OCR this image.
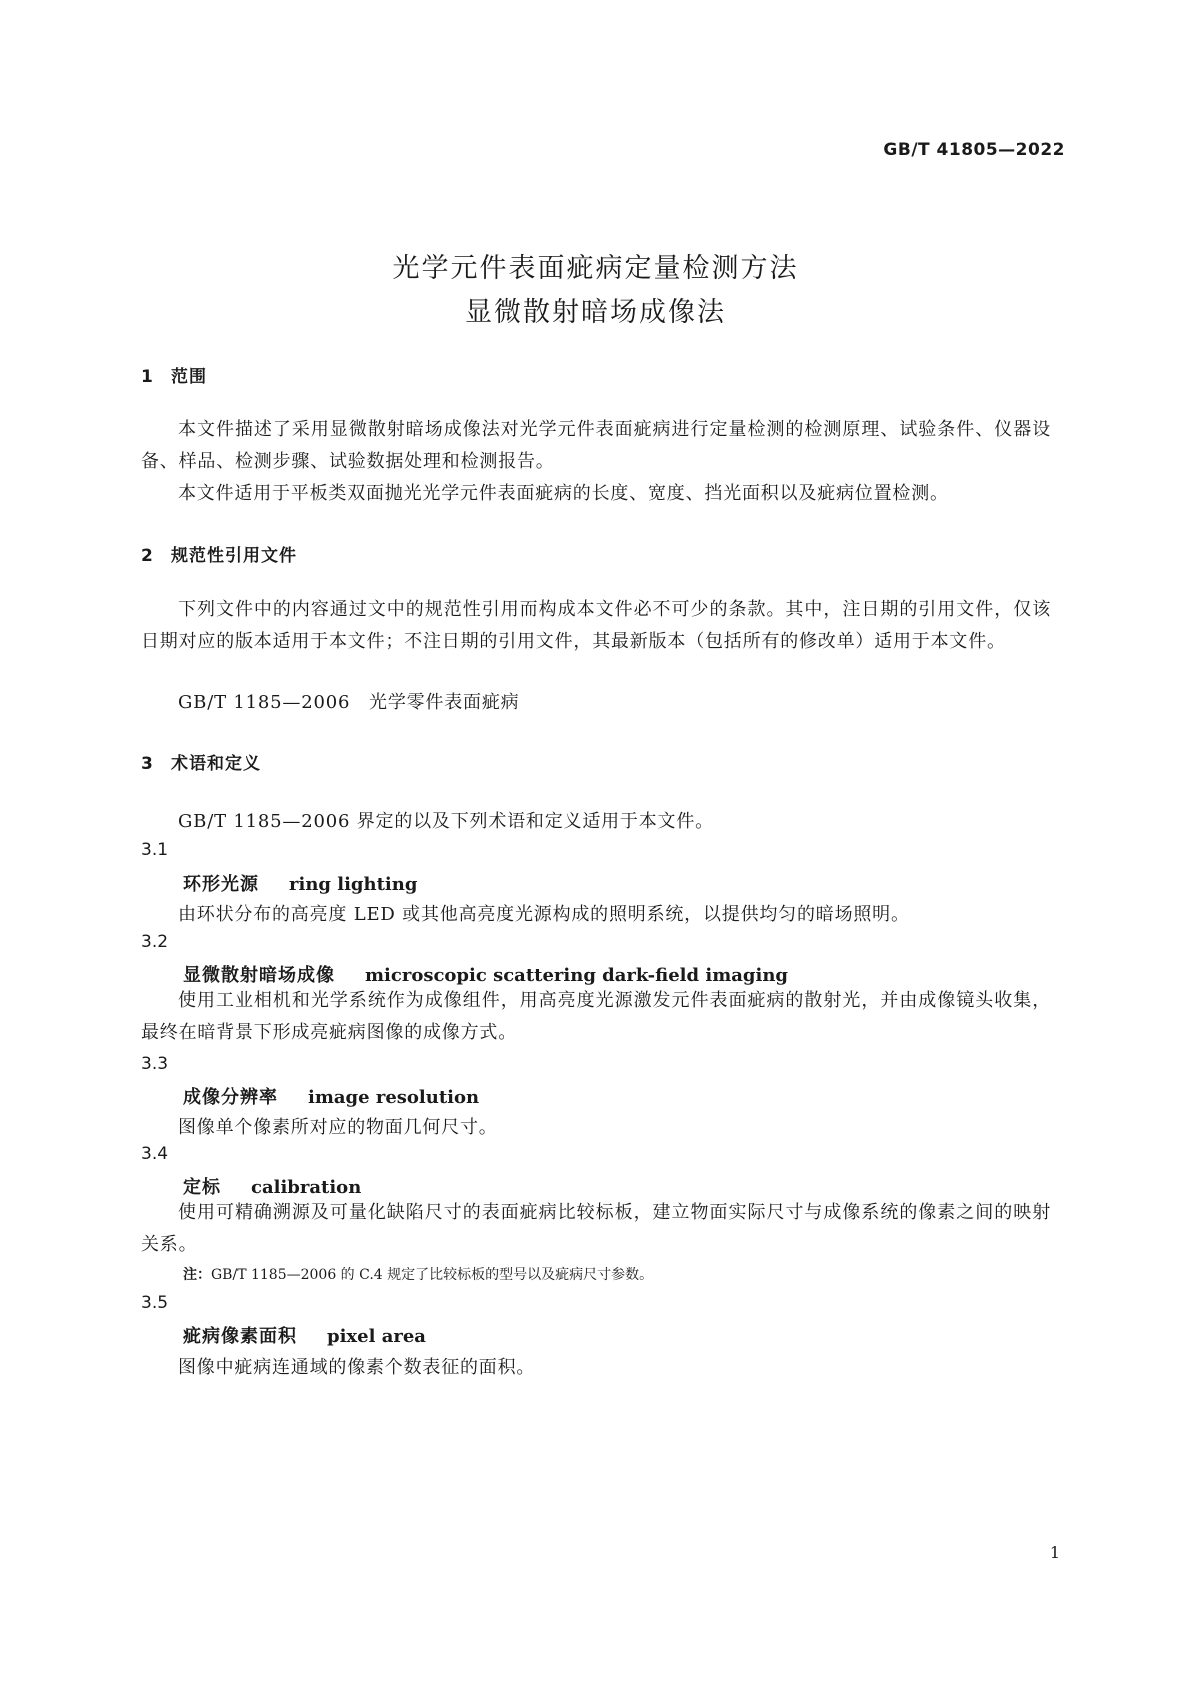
GB/T 41805—2022
光学元件表面疵病定量检测方法
显微散射暗场成像法
1 范围
本文件描述了采用显微散射暗场成像法对光学元件表面疵病进行定量检测的检测原理、试验条件、仪器设备、样品、检测步骤、试验数据处理和检测报告。
本文件适用于平板类双面抛光光学元件表面疵病的长度、宽度、挡光面积以及疵病位置检测。
2 规范性引用文件
下列文件中的内容通过文中的规范性引用而构成本文件必不可少的条款。其中，注日期的引用文件，仅该日期对应的版本适用于本文件；不注日期的引用文件，其最新版本（包括所有的修改单）适用于本文件。
GB/T 1185—2006　光学零件表面疵病
3 术语和定义
GB/T 1185—2006 界定的以及下列术语和定义适用于本文件。
3.1
环形光源 ring lighting
由环状分布的高亮度 LED 或其他高亮度光源构成的照明系统，以提供均匀的暗场照明。
3.2
显微散射暗场成像 microscopic scattering dark-field imaging
使用工业相机和光学系统作为成像组件，用高亮度光源激发元件表面疵病的散射光，并由成像镜头收集，最终在暗背景下形成亮疵病图像的成像方式。
3.3
成像分辨率 image resolution
图像单个像素所对应的物面几何尺寸。
3.4
定标 calibration
使用可精确溯源及可量化缺陷尺寸的表面疵病比较标板，建立物面实际尺寸与成像系统的像素之间的映射关系。
注：GB/T 1185—2006 的 C.4 规定了比较标板的型号以及疵病尺寸参数。
3.5
疵病像素面积 pixel area
图像中疵病连通域的像素个数表征的面积。
1
